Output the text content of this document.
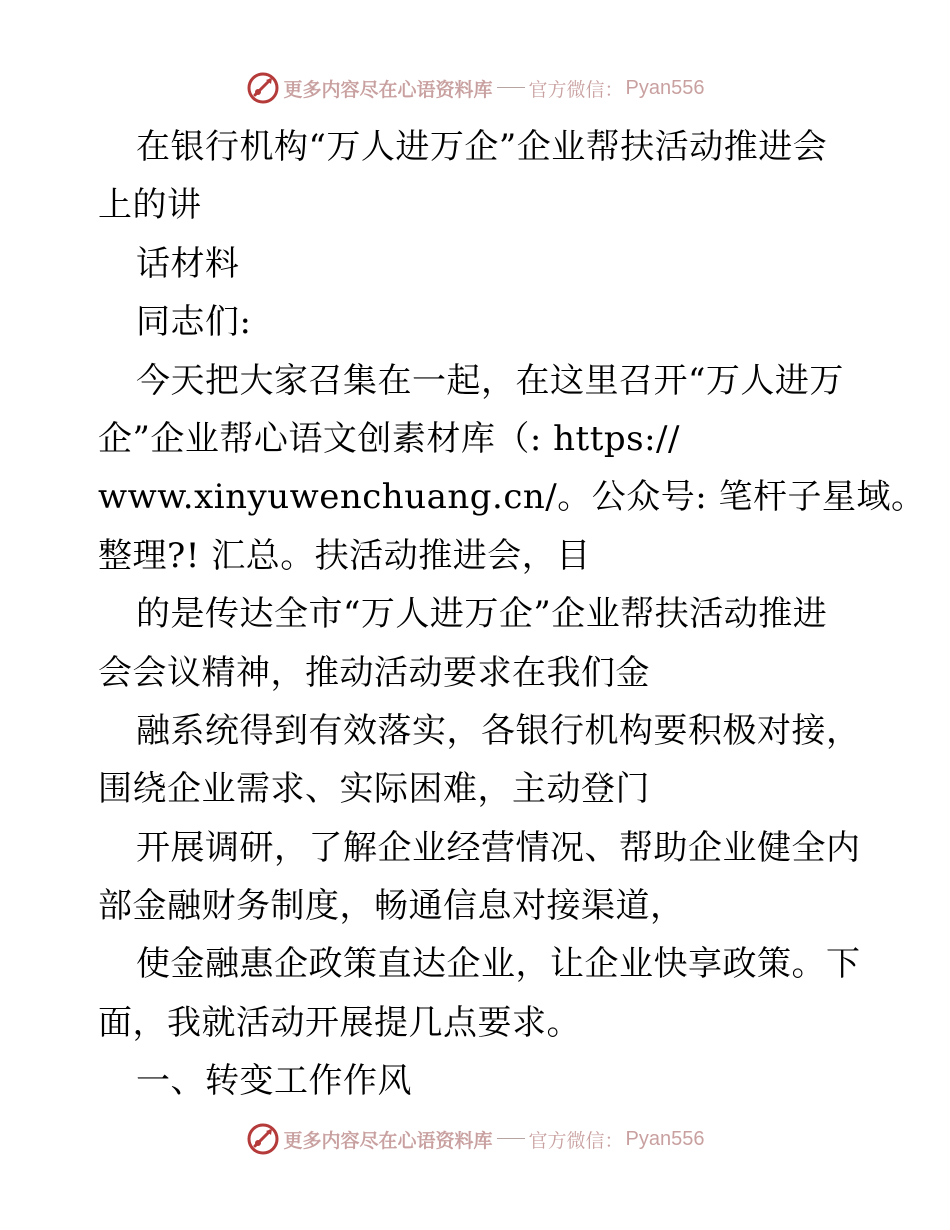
更多内容尽在心语资料库 官方微信： Pyan556
在银行机构“万人进万企”企业帮扶活动推进会
上的讲
话材料
同志们:
今天把大家召集在一起，在这里召开“万人进万
企”企业帮心语文创素材库（: https://
www.xinyuwenchuang.cn/。公众号: 笔杆子星域。
整理?! 汇总。扶活动推进会，目
的是传达全市“万人进万企”企业帮扶活动推进
会会议精神，推动活动要求在我们金
融系统得到有效落实，各银行机构要积极对接，
围绕企业需求、实际困难，主动登门
开展调研，了解企业经营情况、帮助企业健全内
部金融财务制度，畅通信息对接渠道，
使金融惠企政策直达企业，让企业快享政策。下
面，我就活动开展提几点要求。
一、转变工作作风
更多内容尽在心语资料库 官方微信： Pyan556
